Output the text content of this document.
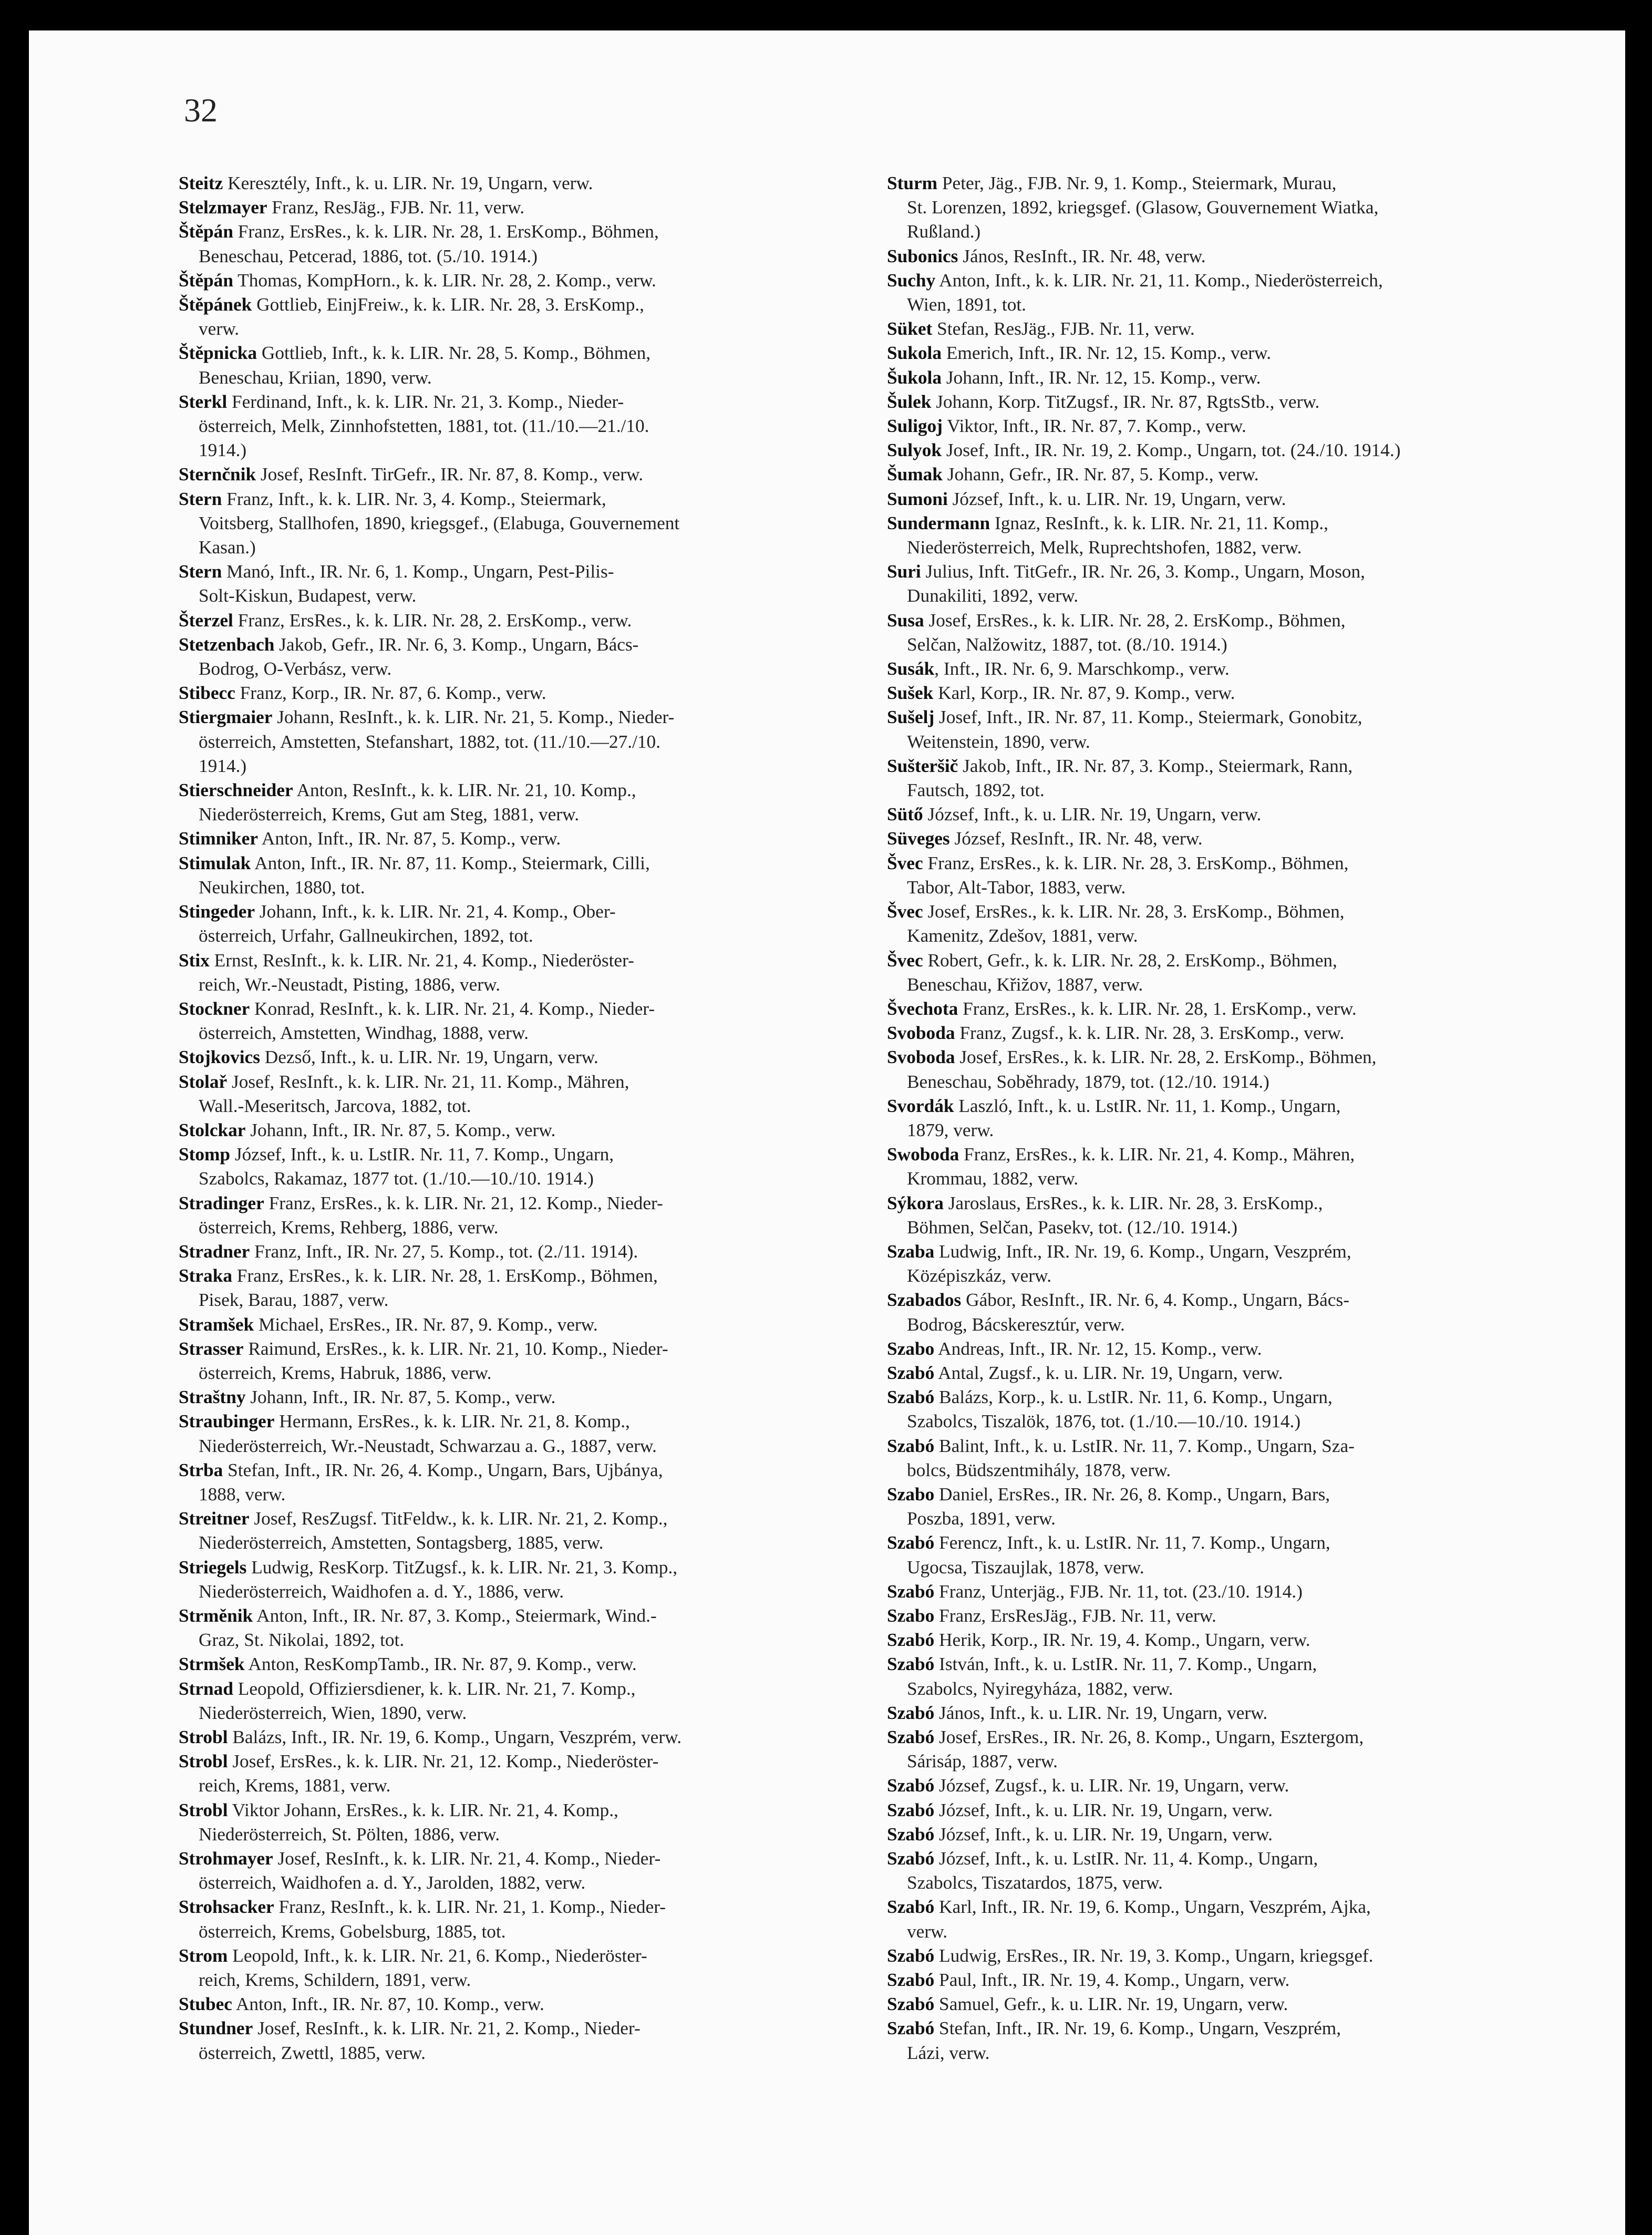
32
Steitz Keresztély, Inft., k. u. LIR. Nr. 19, Ungarn, verw.
Stelzmayer Franz, ResJäg., FJB. Nr. 11, verw.
Štěpán Franz, ErsRes., k. k. LIR. Nr. 28, 1. ErsKomp., Böhmen,
Beneschau, Petcerad, 1886, tot. (5./10. 1914.)
Štěpán Thomas, KompHorn., k. k. LIR. Nr. 28, 2. Komp., verw.
Štěpánek Gottlieb, EinjFreiw., k. k. LIR. Nr. 28, 3. ErsKomp.,
verw.
Štěpnicka Gottlieb, Inft., k. k. LIR. Nr. 28, 5. Komp., Böhmen,
Beneschau, Kriian, 1890, verw.
Sterkl Ferdinand, Inft., k. k. LIR. Nr. 21, 3. Komp., Nieder-
österreich, Melk, Zinnhofstetten, 1881, tot. (11./10.—21./10.
1914.)
Sternčnik Josef, ResInft. TirGefr., IR. Nr. 87, 8. Komp., verw.
Stern Franz, Inft., k. k. LIR. Nr. 3, 4. Komp., Steiermark,
Voitsberg, Stallhofen, 1890, kriegsgef., (Elabuga, Gouvernement
Kasan.)
Stern Manó, Inft., IR. Nr. 6, 1. Komp., Ungarn, Pest-Pilis-
Solt-Kiskun, Budapest, verw.
Šterzel Franz, ErsRes., k. k. LIR. Nr. 28, 2. ErsKomp., verw.
Stetzenbach Jakob, Gefr., IR. Nr. 6, 3. Komp., Ungarn, Bács-
Bodrog, O-Verbász, verw.
Stibecc Franz, Korp., IR. Nr. 87, 6. Komp., verw.
Stiergmaier Johann, ResInft., k. k. LIR. Nr. 21, 5. Komp., Nieder-
österreich, Amstetten, Stefanshart, 1882, tot. (11./10.—27./10.
1914.)
Stierschneider Anton, ResInft., k. k. LIR. Nr. 21, 10. Komp.,
Niederösterreich, Krems, Gut am Steg, 1881, verw.
Stimniker Anton, Inft., IR. Nr. 87, 5. Komp., verw.
Stimulak Anton, Inft., IR. Nr. 87, 11. Komp., Steiermark, Cilli,
Neukirchen, 1880, tot.
Stingeder Johann, Inft., k. k. LIR. Nr. 21, 4. Komp., Ober-
österreich, Urfahr, Gallneukirchen, 1892, tot.
Stix Ernst, ResInft., k. k. LIR. Nr. 21, 4. Komp., Niederöster-
reich, Wr.-Neustadt, Pisting, 1886, verw.
Stockner Konrad, ResInft., k. k. LIR. Nr. 21, 4. Komp., Nieder-
österreich, Amstetten, Windhag, 1888, verw.
Stojkovics Dezső, Inft., k. u. LIR. Nr. 19, Ungarn, verw.
Stolař Josef, ResInft., k. k. LIR. Nr. 21, 11. Komp., Mähren,
Wall.-Meseritsch, Jarcova, 1882, tot.
Stolckar Johann, Inft., IR. Nr. 87, 5. Komp., verw.
Stomp József, Inft., k. u. LstIR. Nr. 11, 7. Komp., Ungarn,
Szabolcs, Rakamaz, 1877 tot. (1./10.—10./10. 1914.)
Stradinger Franz, ErsRes., k. k. LIR. Nr. 21, 12. Komp., Nieder-
österreich, Krems, Rehberg, 1886, verw.
Stradner Franz, Inft., IR. Nr. 27, 5. Komp., tot. (2./11. 1914).
Straka Franz, ErsRes., k. k. LIR. Nr. 28, 1. ErsKomp., Böhmen,
Pisek, Barau, 1887, verw.
Stramšek Michael, ErsRes., IR. Nr. 87, 9. Komp., verw.
Strasser Raimund, ErsRes., k. k. LIR. Nr. 21, 10. Komp., Nieder-
österreich, Krems, Habruk, 1886, verw.
Straštny Johann, Inft., IR. Nr. 87, 5. Komp., verw.
Straubinger Hermann, ErsRes., k. k. LIR. Nr. 21, 8. Komp.,
Niederösterreich, Wr.-Neustadt, Schwarzau a. G., 1887, verw.
Strba Stefan, Inft., IR. Nr. 26, 4. Komp., Ungarn, Bars, Ujbánya,
1888, verw.
Streitner Josef, ResZugsf. TitFeldw., k. k. LIR. Nr. 21, 2. Komp.,
Niederösterreich, Amstetten, Sontagsberg, 1885, verw.
Striegels Ludwig, ResKorp. TitZugsf., k. k. LIR. Nr. 21, 3. Komp.,
Niederösterreich, Waidhofen a. d. Y., 1886, verw.
Strměnik Anton, Inft., IR. Nr. 87, 3. Komp., Steiermark, Wind.-
Graz, St. Nikolai, 1892, tot.
Strmšek Anton, ResKompTamb., IR. Nr. 87, 9. Komp., verw.
Strnad Leopold, Offiziersdiener, k. k. LIR. Nr. 21, 7. Komp.,
Niederösterreich, Wien, 1890, verw.
Strobl Balázs, Inft., IR. Nr. 19, 6. Komp., Ungarn, Veszprém, verw.
Strobl Josef, ErsRes., k. k. LIR. Nr. 21, 12. Komp., Niederöster-
reich, Krems, 1881, verw.
Strobl Viktor Johann, ErsRes., k. k. LIR. Nr. 21, 4. Komp.,
Niederösterreich, St. Pölten, 1886, verw.
Strohmayer Josef, ResInft., k. k. LIR. Nr. 21, 4. Komp., Nieder-
österreich, Waidhofen a. d. Y., Jarolden, 1882, verw.
Strohsacker Franz, ResInft., k. k. LIR. Nr. 21, 1. Komp., Nieder-
österreich, Krems, Gobelsburg, 1885, tot.
Strom Leopold, Inft., k. k. LIR. Nr. 21, 6. Komp., Niederöster-
reich, Krems, Schildern, 1891, verw.
Stubec Anton, Inft., IR. Nr. 87, 10. Komp., verw.
Stundner Josef, ResInft., k. k. LIR. Nr. 21, 2. Komp., Nieder-
österreich, Zwettl, 1885, verw.
Sturm Peter, Jäg., FJB. Nr. 9, 1. Komp., Steiermark, Murau,
St. Lorenzen, 1892, kriegsgef. (Glasow, Gouvernement Wiatka,
Rußland.)
Subonics János, ResInft., IR. Nr. 48, verw.
Suchy Anton, Inft., k. k. LIR. Nr. 21, 11. Komp., Niederösterreich,
Wien, 1891, tot.
Süket Stefan, ResJäg., FJB. Nr. 11, verw.
Sukola Emerich, Inft., IR. Nr. 12, 15. Komp., verw.
Šukola Johann, Inft., IR. Nr. 12, 15. Komp., verw.
Šulek Johann, Korp. TitZugsf., IR. Nr. 87, RgtsStb., verw.
Suligoj Viktor, Inft., IR. Nr. 87, 7. Komp., verw.
Sulyok Josef, Inft., IR. Nr. 19, 2. Komp., Ungarn, tot. (24./10. 1914.)
Šumak Johann, Gefr., IR. Nr. 87, 5. Komp., verw.
Sumoni József, Inft., k. u. LIR. Nr. 19, Ungarn, verw.
Sundermann Ignaz, ResInft., k. k. LIR. Nr. 21, 11. Komp.,
Niederösterreich, Melk, Ruprechtshofen, 1882, verw.
Suri Julius, Inft. TitGefr., IR. Nr. 26, 3. Komp., Ungarn, Moson,
Dunakiliti, 1892, verw.
Susa Josef, ErsRes., k. k. LIR. Nr. 28, 2. ErsKomp., Böhmen,
Selčan, Nalžowitz, 1887, tot. (8./10. 1914.)
Susák, Inft., IR. Nr. 6, 9. Marschkomp., verw.
Sušek Karl, Korp., IR. Nr. 87, 9. Komp., verw.
Sušelj Josef, Inft., IR. Nr. 87, 11. Komp., Steiermark, Gonobitz,
Weitenstein, 1890, verw.
Sušteršič Jakob, Inft., IR. Nr. 87, 3. Komp., Steiermark, Rann,
Fautsch, 1892, tot.
Sütő József, Inft., k. u. LIR. Nr. 19, Ungarn, verw.
Süveges József, ResInft., IR. Nr. 48, verw.
Švec Franz, ErsRes., k. k. LIR. Nr. 28, 3. ErsKomp., Böhmen,
Tabor, Alt-Tabor, 1883, verw.
Švec Josef, ErsRes., k. k. LIR. Nr. 28, 3. ErsKomp., Böhmen,
Kamenitz, Zdešov, 1881, verw.
Švec Robert, Gefr., k. k. LIR. Nr. 28, 2. ErsKomp., Böhmen,
Beneschau, Křižov, 1887, verw.
Švechota Franz, ErsRes., k. k. LIR. Nr. 28, 1. ErsKomp., verw.
Svoboda Franz, Zugsf., k. k. LIR. Nr. 28, 3. ErsKomp., verw.
Svoboda Josef, ErsRes., k. k. LIR. Nr. 28, 2. ErsKomp., Böhmen,
Beneschau, Soběhrady, 1879, tot. (12./10. 1914.)
Svordák Laszló, Inft., k. u. LstIR. Nr. 11, 1. Komp., Ungarn,
1879, verw.
Swoboda Franz, ErsRes., k. k. LIR. Nr. 21, 4. Komp., Mähren,
Krommau, 1882, verw.
Sýkora Jaroslaus, ErsRes., k. k. LIR. Nr. 28, 3. ErsKomp.,
Böhmen, Selčan, Pasekv, tot. (12./10. 1914.)
Szaba Ludwig, Inft., IR. Nr. 19, 6. Komp., Ungarn, Veszprém,
Középiszkáz, verw.
Szabados Gábor, ResInft., IR. Nr. 6, 4. Komp., Ungarn, Bács-
Bodrog, Bácskeresztúr, verw.
Szabo Andreas, Inft., IR. Nr. 12, 15. Komp., verw.
Szabó Antal, Zugsf., k. u. LIR. Nr. 19, Ungarn, verw.
Szabó Balázs, Korp., k. u. LstIR. Nr. 11, 6. Komp., Ungarn,
Szabolcs, Tiszalök, 1876, tot. (1./10.—10./10. 1914.)
Szabó Balint, Inft., k. u. LstIR. Nr. 11, 7. Komp., Ungarn, Sza-
bolcs, Büdszentmihály, 1878, verw.
Szabo Daniel, ErsRes., IR. Nr. 26, 8. Komp., Ungarn, Bars,
Poszba, 1891, verw.
Szabó Ferencz, Inft., k. u. LstIR. Nr. 11, 7. Komp., Ungarn,
Ugocsa, Tiszaujlak, 1878, verw.
Szabó Franz, Unterjäg., FJB. Nr. 11, tot. (23./10. 1914.)
Szabo Franz, ErsResJäg., FJB. Nr. 11, verw.
Szabó Herik, Korp., IR. Nr. 19, 4. Komp., Ungarn, verw.
Szabó István, Inft., k. u. LstIR. Nr. 11, 7. Komp., Ungarn,
Szabolcs, Nyiregyháza, 1882, verw.
Szabó János, Inft., k. u. LIR. Nr. 19, Ungarn, verw.
Szabó Josef, ErsRes., IR. Nr. 26, 8. Komp., Ungarn, Esztergom,
Sárisáp, 1887, verw.
Szabó József, Zugsf., k. u. LIR. Nr. 19, Ungarn, verw.
Szabó József, Inft., k. u. LIR. Nr. 19, Ungarn, verw.
Szabó József, Inft., k. u. LIR. Nr. 19, Ungarn, verw.
Szabó József, Inft., k. u. LstIR. Nr. 11, 4. Komp., Ungarn,
Szabolcs, Tiszatardos, 1875, verw.
Szabó Karl, Inft., IR. Nr. 19, 6. Komp., Ungarn, Veszprém, Ajka,
verw.
Szabó Ludwig, ErsRes., IR. Nr. 19, 3. Komp., Ungarn, kriegsgef.
Szabó Paul, Inft., IR. Nr. 19, 4. Komp., Ungarn, verw.
Szabó Samuel, Gefr., k. u. LIR. Nr. 19, Ungarn, verw.
Szabó Stefan, Inft., IR. Nr. 19, 6. Komp., Ungarn, Veszprém,
Lázi, verw.
